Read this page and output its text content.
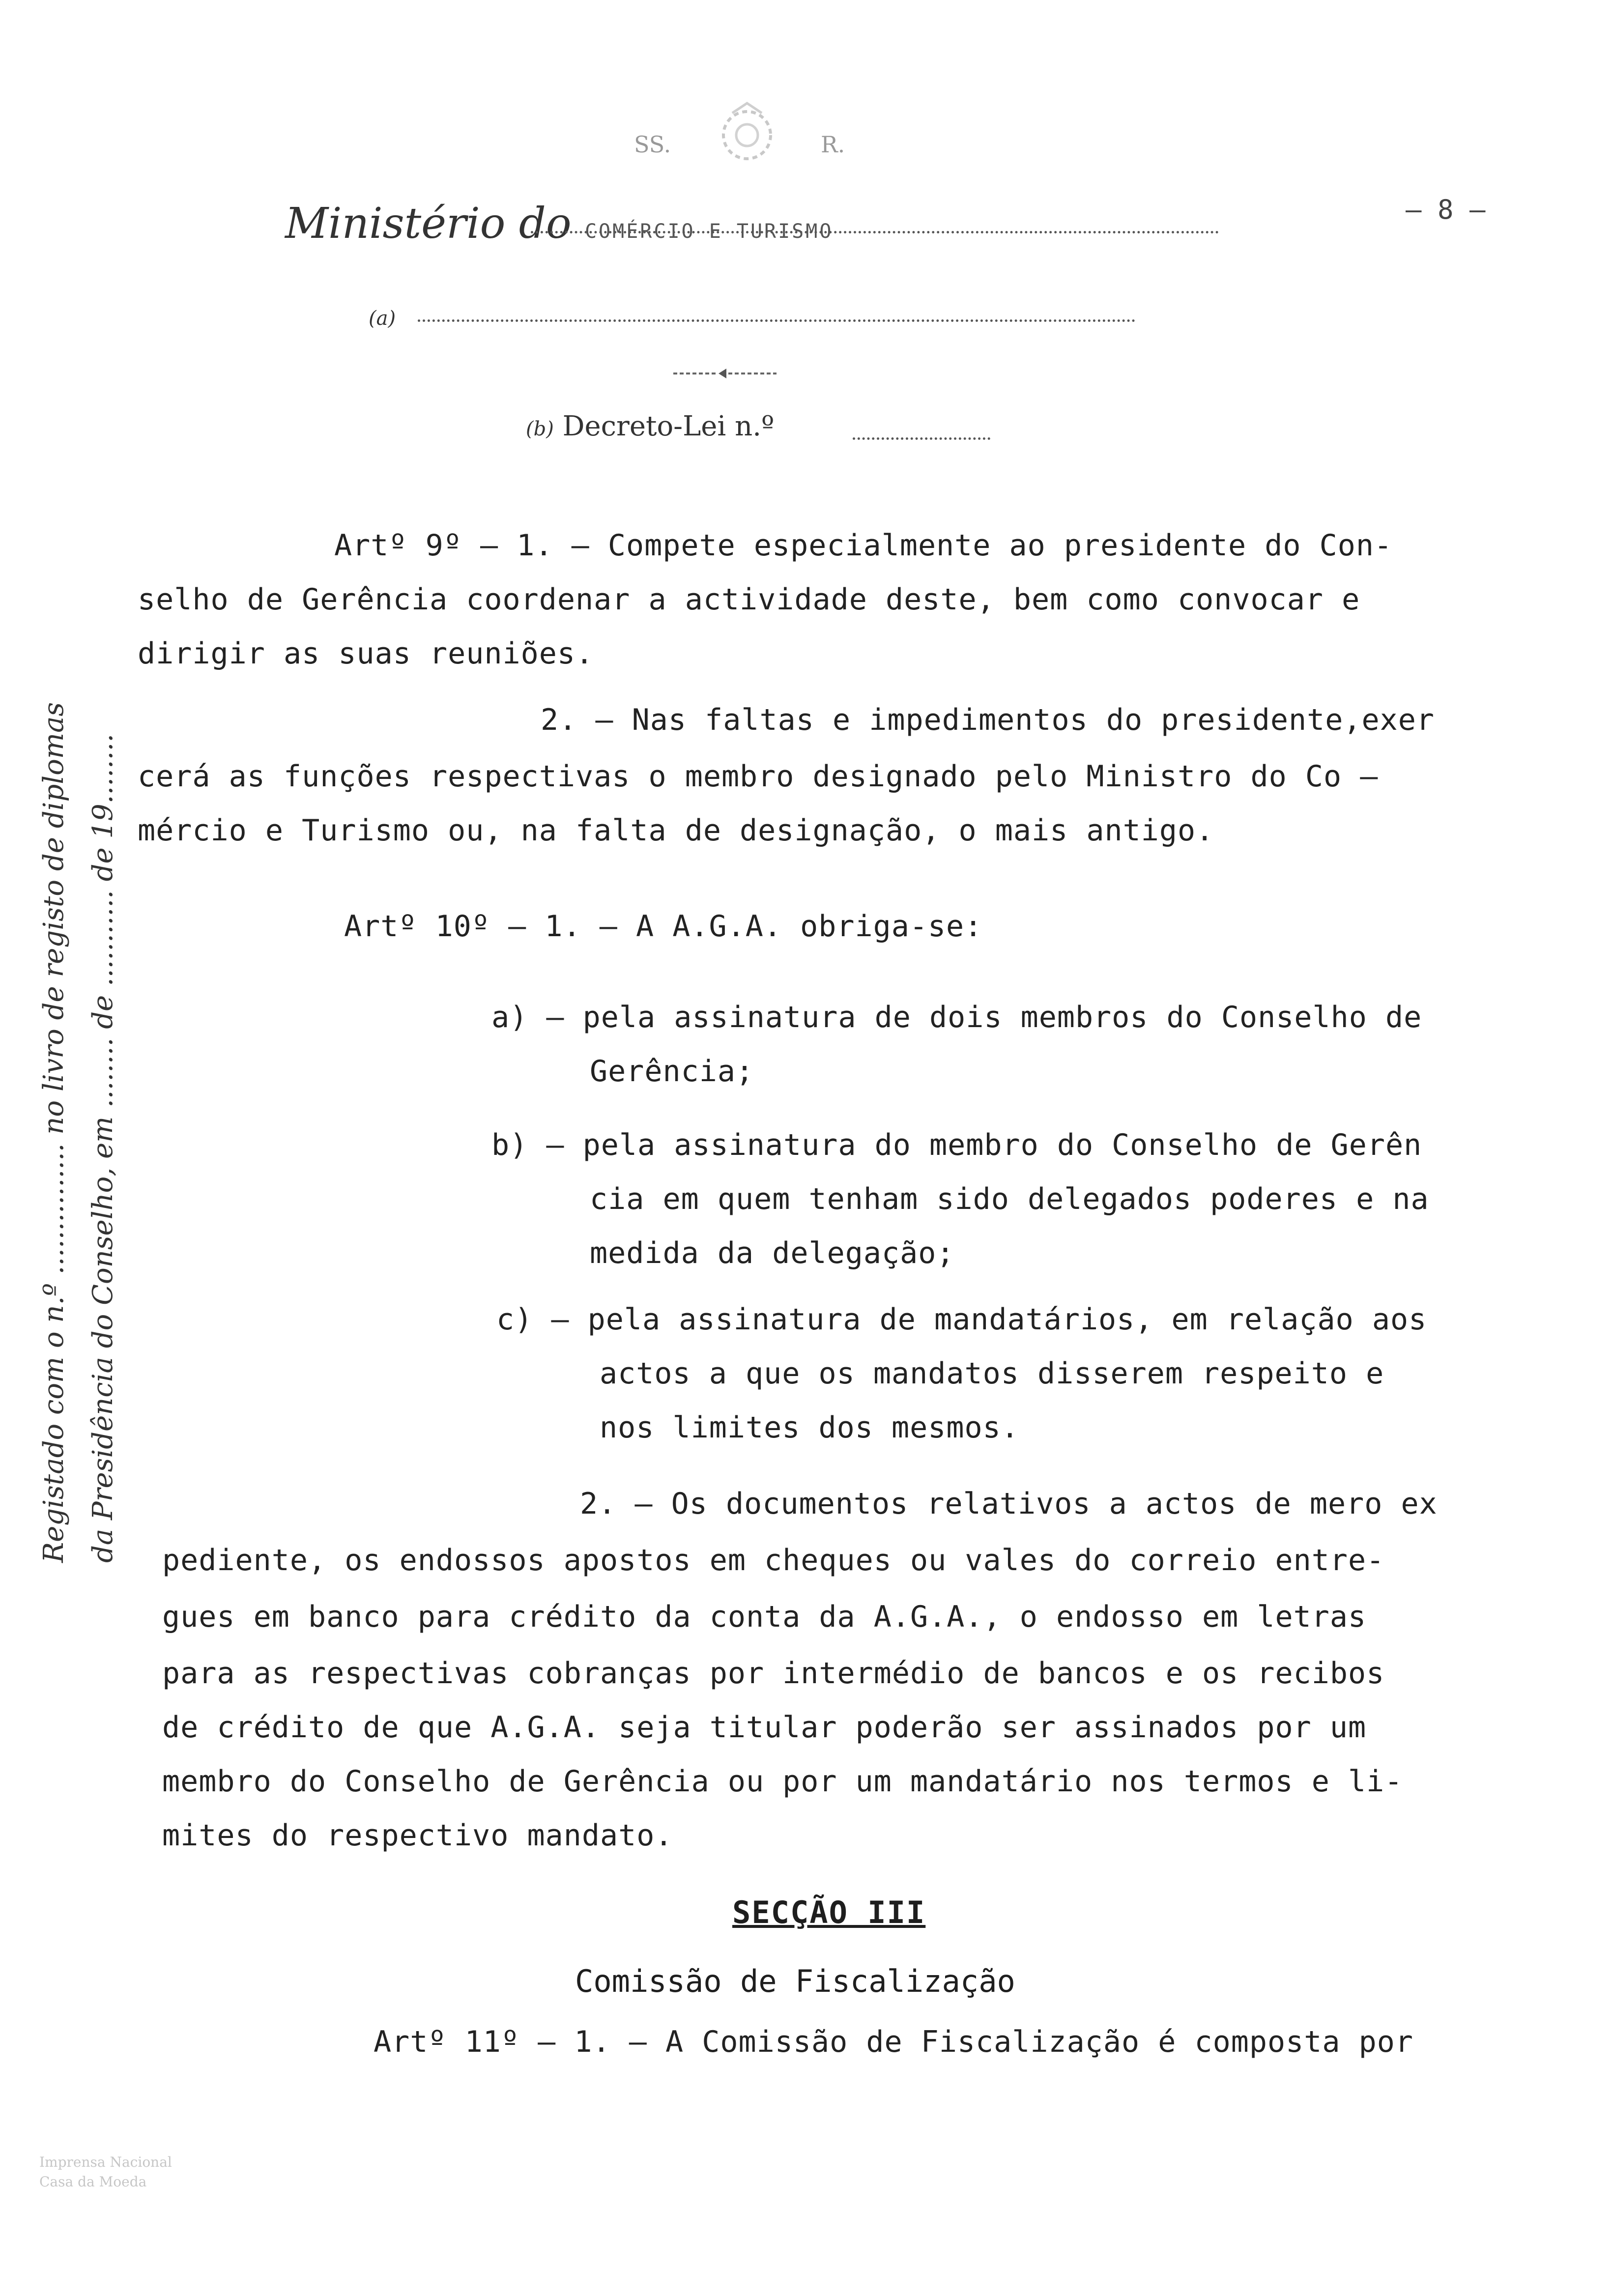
SS.	R.
Ministério do COMÉRCIO E TURISMO
– 8 –
(a)
(b) Decreto-Lei n.º
Registado com o n.º ............... no livro de registo de diplomas da Presidência do Conselho, em ........ de ........... de 19........
Artº 9º – 1. – Compete especialmente ao presidente do Con-
selho de Gerência coordenar a actividade deste, bem como convocar e
dirigir as suas reuniões.
2. – Nas faltas e impedimentos do presidente,exer
cerá as funções respectivas o membro designado pelo Ministro do Co –
mércio e Turismo ou, na falta de designação, o mais antigo.
Artº 10º – 1. – A A.G.A. obriga-se:
a) – pela assinatura de dois membros do Conselho de
Gerência;
b) – pela assinatura do membro do Conselho de Gerên
cia em quem tenham sido delegados poderes e na
medida da delegação;
c) – pela assinatura de mandatários, em relação aos
actos a que os mandatos disserem respeito e
nos limites dos mesmos.
2. – Os documentos relativos a actos de mero ex
pediente, os endossos apostos em cheques ou vales do correio entre-
gues em banco para crédito da conta da A.G.A., o endosso em letras
para as respectivas cobranças por intermédio de bancos e os recibos
de crédito de que A.G.A. seja titular poderão ser assinados por um
membro do Conselho de Gerência ou por um mandatário nos termos e li-
mites do respectivo mandato.
SECÇÃO III
Comissão de Fiscalização
Artº 11º – 1. – A Comissão de Fiscalização é composta por
Imprensa Nacional
Casa da Moeda
